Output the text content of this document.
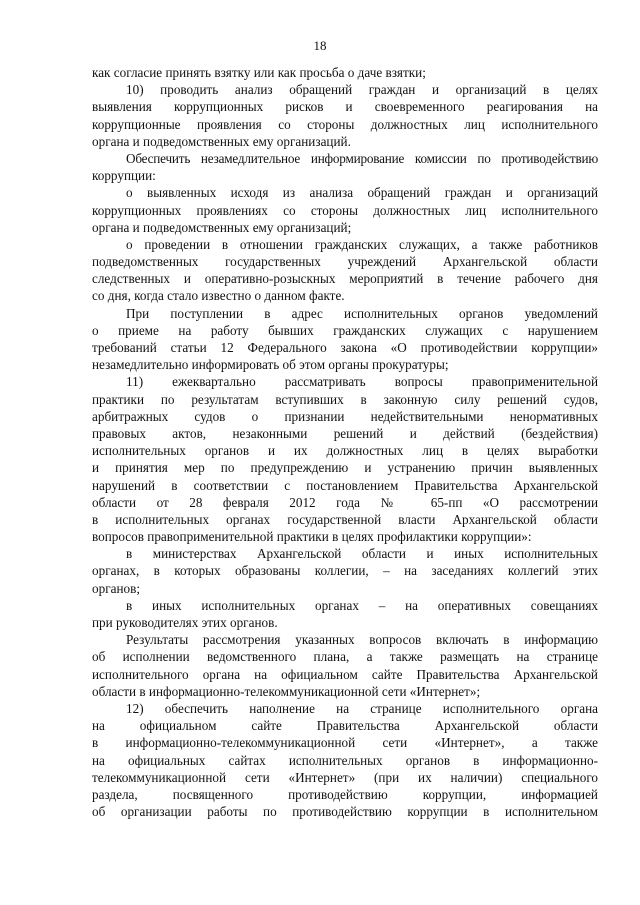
18
как согласие принять взятку или как просьба о даче взятки;
10) проводить анализ обращений граждан и организаций в целях
выявления коррупционных рисков и своевременного реагирования на
коррупционные проявления со стороны должностных лиц исполнительного
органа и подведомственных ему организаций.
Обеспечить незамедлительное информирование комиссии по противодействию
коррупции:
о выявленных исходя из анализа обращений граждан и организаций
коррупционных проявлениях со стороны должностных лиц исполнительного
органа и подведомственных ему организаций;
о проведении в отношении гражданских служащих, а также работников
подведомственных государственных учреждений Архангельской области
следственных и оперативно-розыскных мероприятий в течение рабочего дня
со дня, когда стало известно о данном факте.
При поступлении в адрес исполнительных органов уведомлений
о приеме на работу бывших гражданских служащих с нарушением
требований статьи 12 Федерального закона «О противодействии коррупции»
незамедлительно информировать об этом органы прокуратуры;
11) ежеквартально рассматривать вопросы правоприменительной
практики по результатам вступивших в законную силу решений судов,
арбитражных судов о признании недействительными ненормативных
правовых актов, незаконными решений и действий (бездействия)
исполнительных органов и их должностных лиц в целях выработки
и принятия мер по предупреждению и устранению причин выявленных
нарушений в соответствии с постановлением Правительства Архангельской
области от 28 февраля 2012 года № 65-пп «О рассмотрении
в исполнительных органах государственной власти Архангельской области
вопросов правоприменительной практики в целях профилактики коррупции»:
в министерствах Архангельской области и иных исполнительных
органах, в которых образованы коллегии, – на заседаниях коллегий этих
органов;
в иных исполнительных органах – на оперативных совещаниях
при руководителях этих органов.
Результаты рассмотрения указанных вопросов включать в информацию
об исполнении ведомственного плана, а также размещать на странице
исполнительного органа на официальном сайте Правительства Архангельской
области в информационно-телекоммуникационной сети «Интернет»;
12) обеспечить наполнение на странице исполнительного органа
на официальном сайте Правительства Архангельской области
в информационно-телекоммуникационной сети «Интернет», а также
на официальных сайтах исполнительных органов в информационно-
телекоммуникационной сети «Интернет» (при их наличии) специального
раздела, посвященного противодействию коррупции, информацией
об организации работы по противодействию коррупции в исполнительном
